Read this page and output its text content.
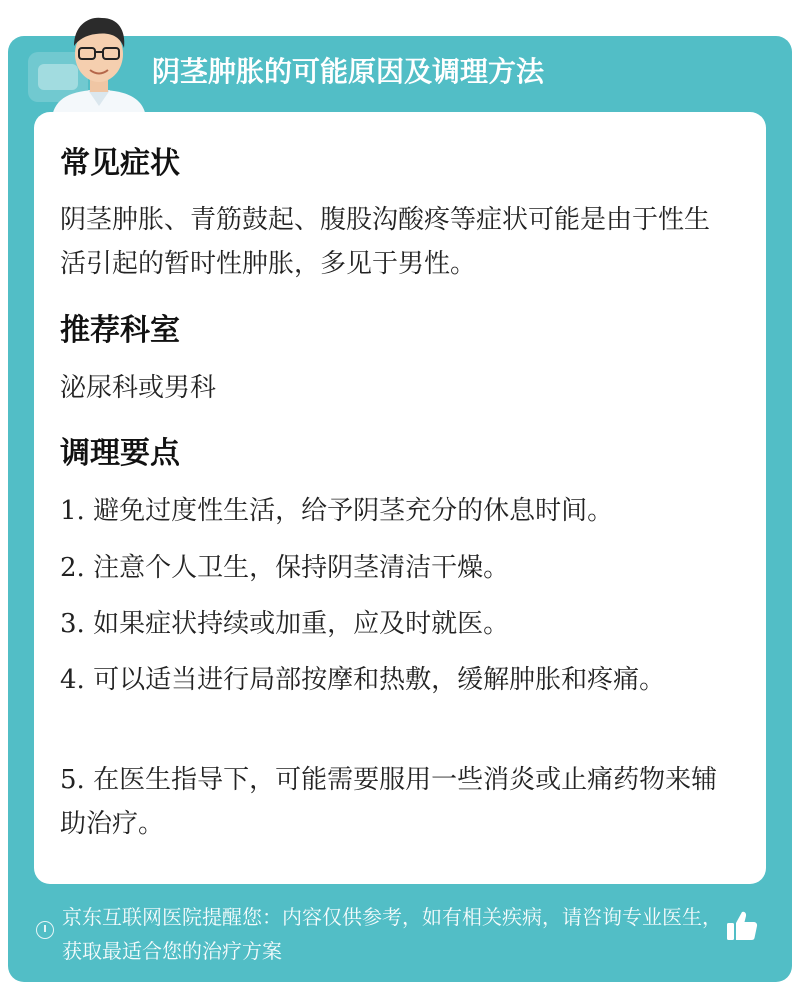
阴茎肿胀的可能原因及调理方法
常见症状
阴茎肿胀、青筋鼓起、腹股沟酸疼等症状可能是由于性生活引起的暂时性肿胀，多见于男性。
推荐科室
泌尿科或男科
调理要点
1. 避免过度性生活，给予阴茎充分的休息时间。
2. 注意个人卫生，保持阴茎清洁干燥。
3. 如果症状持续或加重，应及时就医。
4. 可以适当进行局部按摩和热敷，缓解肿胀和疼痛。
5. 在医生指导下，可能需要服用一些消炎或止痛药物来辅助治疗。
京东互联网医院提醒您：内容仅供参考，如有相关疾病，请咨询专业医生，获取最适合您的治疗方案
